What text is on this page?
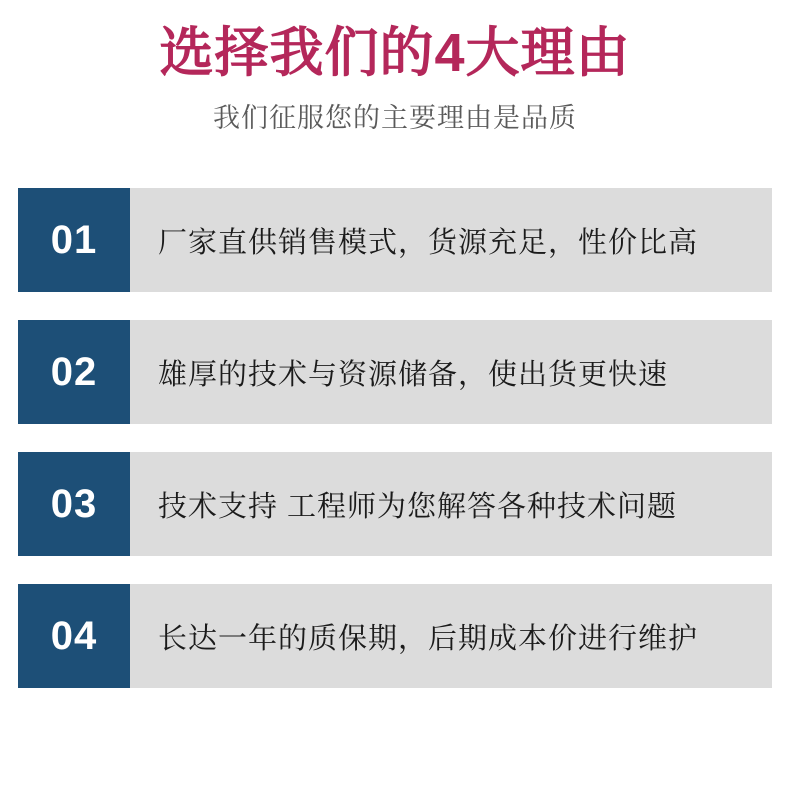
选择我们的4大理由

我们征服您的主要理由是品质

01	厂家直供销售模式，货源充足，性价比高
02	雄厚的技术与资源储备，使出货更快速
03	技术支持 工程师为您解答各种技术问题
04	长达一年的质保期，后期成本价进行维护
